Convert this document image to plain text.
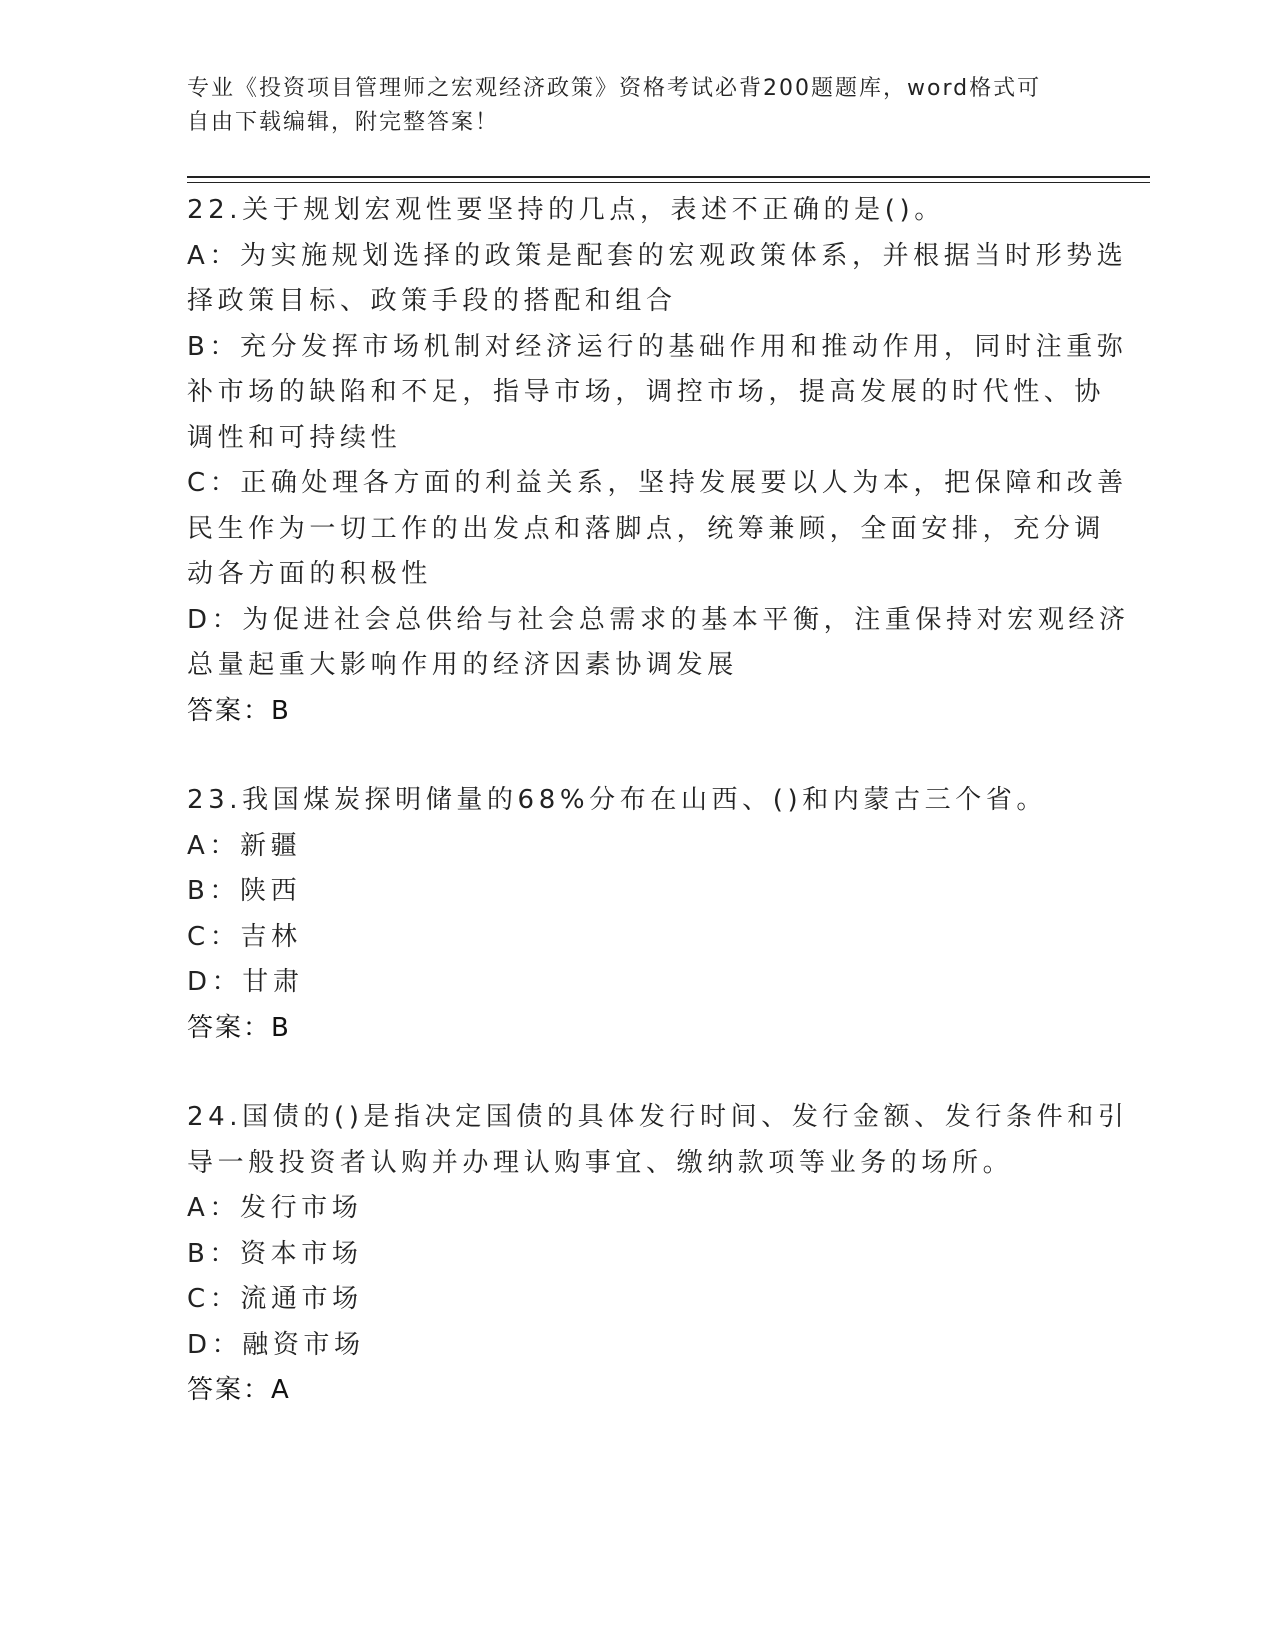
专业《投资项目管理师之宏观经济政策》资格考试必背200题题库，word格式可
自由下载编辑，附完整答案！
22.关于规划宏观性要坚持的几点，表述不正确的是()。
A：为实施规划选择的政策是配套的宏观政策体系，并根据当时形势选
择政策目标、政策手段的搭配和组合
B：充分发挥市场机制对经济运行的基础作用和推动作用，同时注重弥
补市场的缺陷和不足，指导市场，调控市场，提高发展的时代性、协
调性和可持续性
C：正确处理各方面的利益关系，坚持发展要以人为本，把保障和改善
民生作为一切工作的出发点和落脚点，统筹兼顾，全面安排，充分调
动各方面的积极性
D：为促进社会总供给与社会总需求的基本平衡，注重保持对宏观经济
总量起重大影响作用的经济因素协调发展
答案：B
23.我国煤炭探明储量的68%分布在山西、()和内蒙古三个省。
A：新疆
B：陕西
C：吉林
D：甘肃
答案：B
24.国债的()是指决定国债的具体发行时间、发行金额、发行条件和引
导一般投资者认购并办理认购事宜、缴纳款项等业务的场所。
A：发行市场
B：资本市场
C：流通市场
D：融资市场
答案：A
